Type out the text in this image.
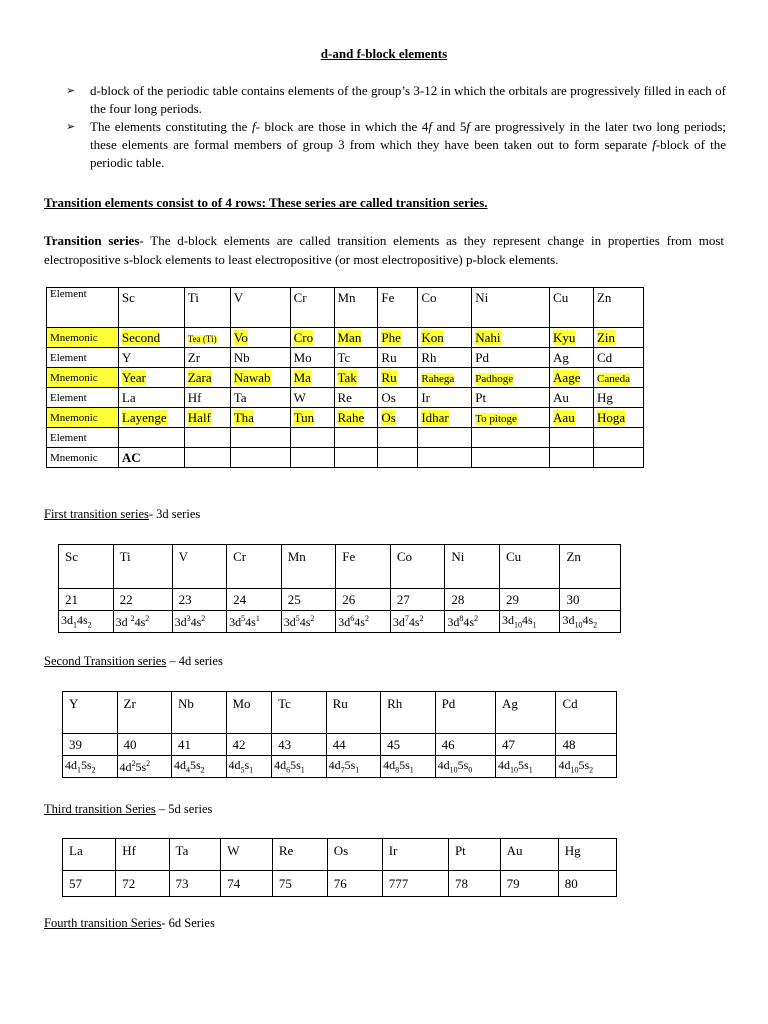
d-and f-block elements
➢ d-block of the periodic table contains elements of the group’s 3-12 in which the orbitals are progressively filled in each of the four long periods.
➢ The elements constituting the f- block are those in which the 4f and 5f are progressively in the later two long periods; these elements are formal members of group 3 from which they have been taken out to form separate f-block of the periodic table.
Transition elements consist to of 4 rows: These series are called transition series.
Transition series- The d-block elements are called transition elements as they represent change in properties from most electropositive s-block elements to least electropositive (or most electropositive) p-block elements.
Element	Sc	Ti	V	Cr	Mn	Fe	Co	Ni	Cu	Zn
Mnemonic	Second	Tea (Ti)	Vo	Cro	Man	Phe	Kon	Nahi	Kyu	Zin
Element	Y	Zr	Nb	Mo	Tc	Ru	Rh	Pd	Ag	Cd
Mnemonic	Year	Zara	Nawab	Ma	Tak	Ru	Rahega	Padhoge	Aage	Caneda
Element	La	Hf	Ta	W	Re	Os	Ir	Pt	Au	Hg
Mnemonic	Layenge	Half	Tha	Tun	Rahe	Os	Idhar	To pitoge	Aau	Hoga
Element										
Mnemonic	AC									
First transition series- 3d series
Sc	Ti	V	Cr	Mn	Fe	Co	Ni	Cu	Zn
21	22	23	24	25	26	27	28	29	30
$3d_14s_2$	3d $^24s^2$	$3d^34s^2$	$3d^54s^1$	$3d^54s^2$	$3d^64s^2$	$3d^74s^2$	$3d^84s^2$	$3d_{10}4s_1$	$3d_{10}4s_2$
Second Transition series – 4d series
Y	Zr	Nb	Mo	Tc	Ru	Rh	Pd	Ag	Cd
39	40	41	42	43	44	45	46	47	48
$4d_15s_2$	$4d^25s^2$	$4d_45s_2$	$4d_5s_1$	$4d_65s_1$	$4d_75s_1$	$4d_85s_1$	$4d_{10}5s_0$	$4d_{10}5s_1$	$4d_{10}5s_2$
Third transition Series – 5d series
La	Hf	Ta	W	Re	Os	Ir	Pt	Au	Hg
57	72	73	74	75	76	777	78	79	80
Fourth transition Series- 6d Series
